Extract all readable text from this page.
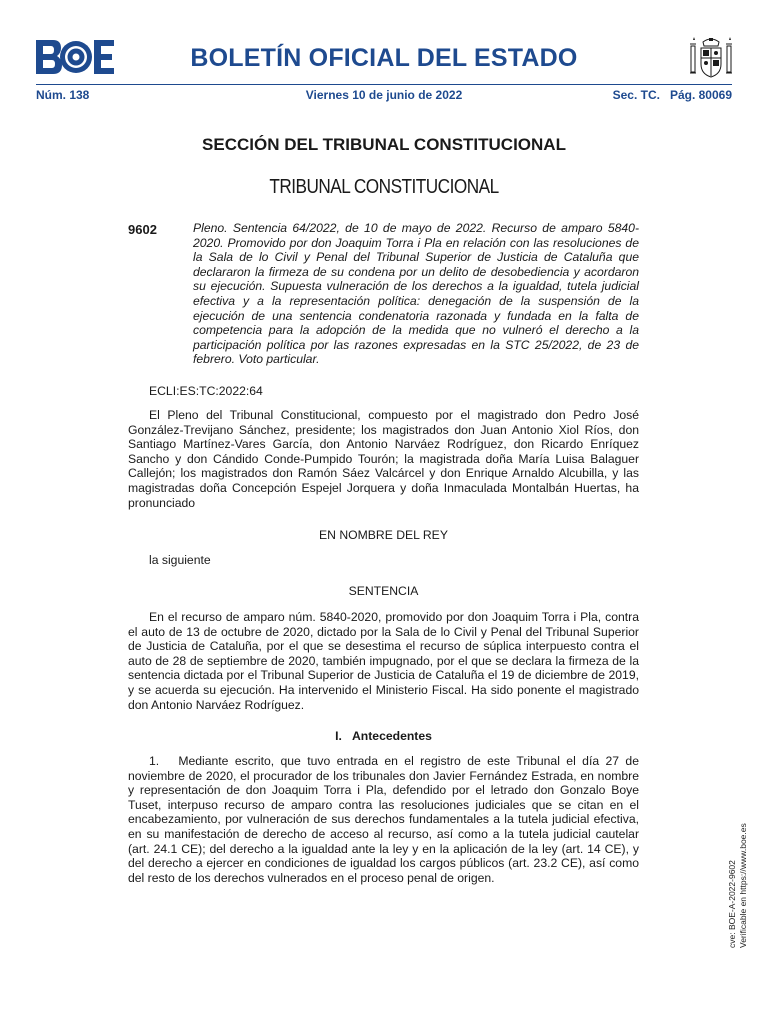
BOLETÍN OFICIAL DEL ESTADO
Núm. 138	Viernes 10 de junio de 2022	Sec. TC. Pág. 80069
SECCIÓN DEL TRIBUNAL CONSTITUCIONAL
TRIBUNAL CONSTITUCIONAL
9602	Pleno. Sentencia 64/2022, de 10 de mayo de 2022. Recurso de amparo 5840-2020. Promovido por don Joaquim Torra i Pla en relación con las resoluciones de la Sala de lo Civil y Penal del Tribunal Superior de Justicia de Cataluña que declararon la firmeza de su condena por un delito de desobediencia y acordaron su ejecución. Supuesta vulneración de los derechos a la igualdad, tutela judicial efectiva y a la representación política: denegación de la suspensión de la ejecución de una sentencia condenatoria razonada y fundada en la falta de competencia para la adopción de la medida que no vulneró el derecho a la participación política por las razones expresadas en la STC 25/2022, de 23 de febrero. Voto particular.
ECLI:ES:TC:2022:64
El Pleno del Tribunal Constitucional, compuesto por el magistrado don Pedro José González-Trevijano Sánchez, presidente; los magistrados don Juan Antonio Xiol Ríos, don Santiago Martínez-Vares García, don Antonio Narváez Rodríguez, don Ricardo Enríquez Sancho y don Cándido Conde-Pumpido Tourón; la magistrada doña María Luisa Balaguer Callejón; los magistrados don Ramón Sáez Valcárcel y don Enrique Arnaldo Alcubilla, y las magistradas doña Concepción Espejel Jorquera y doña Inmaculada Montalbán Huertas, ha pronunciado
EN NOMBRE DEL REY
la siguiente
SENTENCIA
En el recurso de amparo núm. 5840-2020, promovido por don Joaquim Torra i Pla, contra el auto de 13 de octubre de 2020, dictado por la Sala de lo Civil y Penal del Tribunal Superior de Justicia de Cataluña, por el que se desestima el recurso de súplica interpuesto contra el auto de 28 de septiembre de 2020, también impugnado, por el que se declara la firmeza de la sentencia dictada por el Tribunal Superior de Justicia de Cataluña el 19 de diciembre de 2019, y se acuerda su ejecución. Ha intervenido el Ministerio Fiscal. Ha sido ponente el magistrado don Antonio Narváez Rodríguez.
I.   Antecedentes
1.   Mediante escrito, que tuvo entrada en el registro de este Tribunal el día 27 de noviembre de 2020, el procurador de los tribunales don Javier Fernández Estrada, en nombre y representación de don Joaquim Torra i Pla, defendido por el letrado don Gonzalo Boye Tuset, interpuso recurso de amparo contra las resoluciones judiciales que se citan en el encabezamiento, por vulneración de sus derechos fundamentales a la tutela judicial efectiva, en su manifestación de derecho de acceso al recurso, así como a la tutela judicial cautelar (art. 24.1 CE); del derecho a la igualdad ante la ley y en la aplicación de la ley (art. 14 CE), y del derecho a ejercer en condiciones de igualdad los cargos públicos (art. 23.2 CE), así como del resto de los derechos vulnerados en el proceso penal de origen.	cve: BOE-A-2022-9602 Verificable en https://www.boe.es
